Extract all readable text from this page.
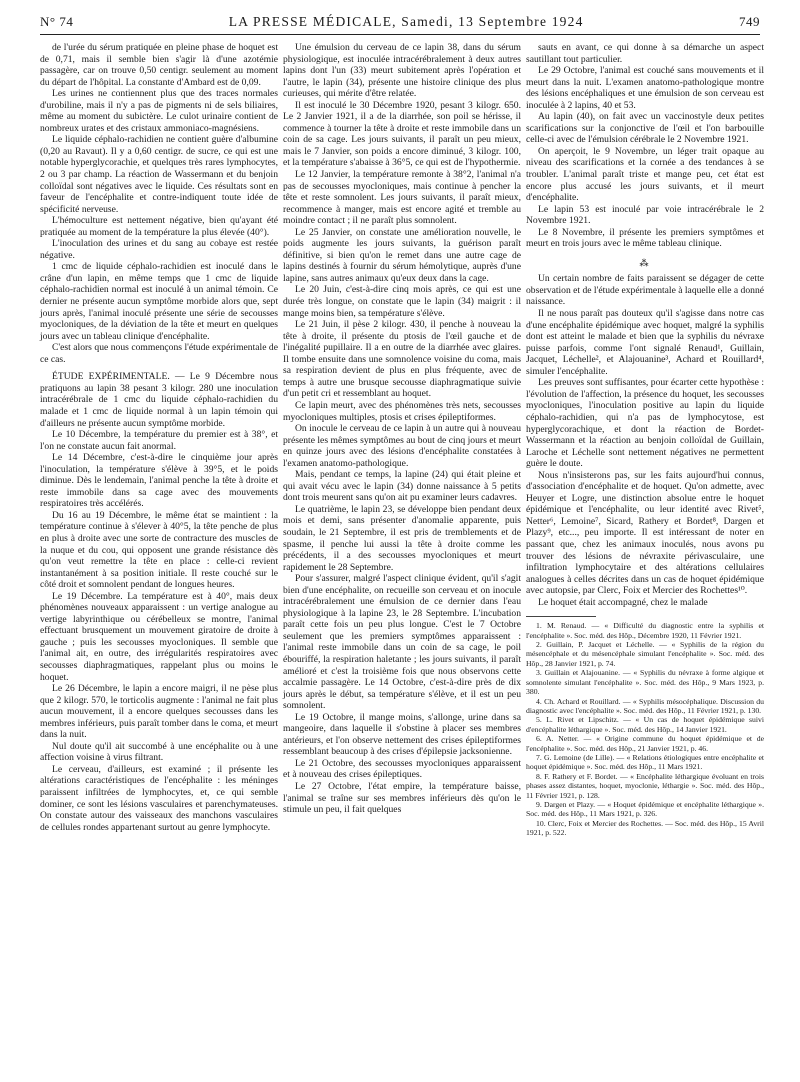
N° 74	LA PRESSE MÉDICALE, Samedi, 13 Septembre 1924	749

de l'urée du sérum pratiquée en pleine phase de hoquet est de 0,71, mais il semble bien s'agir là d'une azotémie passagère, car on trouve 0,50 centigr. seulement au moment du départ de l'hôpital. La constante d'Ambard est de 0,09.

Les urines ne contiennent plus que des traces normales d'urobiline, mais il n'y a pas de pigments ni de sels biliaires, même au moment du subictère. Le culot urinaire contient de nombreux urates et des cristaux ammoniaco-magnésiens.

Le liquide céphalo-rachidien ne contient guère d'albumine (0,20 au Ravaut). Il y a 0,60 centigr. de sucre, ce qui est une notable hyperglycorachie, et quelques très rares lymphocytes, 2 ou 3 par champ. La réaction de Wassermann et du benjoin colloïdal sont négatives avec le liquide. Ces résultats sont en faveur de l'encéphalite et contre-indiquent toute idée de spécificité nerveuse.

L'hémoculture est nettement négative, bien qu'ayant été pratiquée au moment de la température la plus élevée (40°).

L'inoculation des urines et du sang au cobaye est restée négative.

1 cmc de liquide céphalo-rachidien est inoculé dans le crâne d'un lapin, en même temps que 1 cmc de liquide céphalo-rachidien normal est inoculé à un animal témoin. Ce dernier ne présente aucun symptôme morbide alors que, sept jours après, l'animal inoculé présente une série de secousses myocloniques, de la déviation de la tête et meurt en quelques jours avec un tableau clinique d'encéphalite.

C'est alors que nous commençons l'étude expérimentale de ce cas.

ÉTUDE EXPÉRIMENTALE. — Le 9 Décembre nous pratiquons au lapin 38 pesant 3 kilogr. 280 une inoculation intracérébrale de 1 cmc du liquide céphalo-rachidien du malade et 1 cmc de liquide normal à un lapin témoin qui d'ailleurs ne présente aucun symptôme morbide.

Le 10 Décembre, la température du premier est à 38°, et l'on ne constate aucun fait anormal.

Le 14 Décembre, c'est-à-dire le cinquième jour après l'inoculation, la température s'élève à 39°5, et le poids diminue. Dès le lendemain, l'animal penche la tête à droite et reste immobile dans sa cage avec des mouvements respiratoires très accélérés.

Du 16 au 19 Décembre, le même état se maintient : la température continue à s'élever à 40°5, la tête penche de plus en plus à droite avec une sorte de contracture des muscles de la nuque et du cou, qui opposent une grande résistance dès qu'on veut remettre la tête en place : celle-ci revient instantanément à sa position initiale. Il reste couché sur le côté droit et somnolent pendant de longues heures.

Le 19 Décembre. La température est à 40°, mais deux phénomènes nouveaux apparaissent : un vertige analogue au vertige labyrinthique ou cérébelleux se montre, l'animal effectuant brusquement un mouvement giratoire de droite à gauche ; puis les secousses myocloniques. Il semble que l'animal ait, en outre, des irrégularités respiratoires avec secousses diaphragmatiques, rappelant plus ou moins le hoquet.

Le 26 Décembre, le lapin a encore maigri, il ne pèse plus que 2 kilogr. 570, le torticolis augmente : l'animal ne fait plus aucun mouvement, il a encore quelques secousses dans les membres inférieurs, puis paraît tomber dans le coma, et meurt dans la nuit.

Nul doute qu'il ait succombé à une encéphalite ou à une affection voisine à virus filtrant.

Le cerveau, d'ailleurs, est examiné ; il présente les altérations caractéristiques de l'encéphalite : les méninges paraissent infiltrées de lymphocytes, et, ce qui semble dominer, ce sont les lésions vasculaires et parenchymateuses. On constate autour des vaisseaux des manchons vasculaires de cellules rondes appartenant surtout au genre lymphocyte.

Une émulsion du cerveau de ce lapin 38, dans du sérum physiologique, est inoculée intracérébralement à deux autres lapins dont l'un (33) meurt subitement après l'opération et l'autre, le lapin (34), présente une histoire clinique des plus curieuses, qui mérite d'être relatée.

Il est inoculé le 30 Décembre 1920, pesant 3 kilogr. 650. Le 2 Janvier 1921, il a de la diarrhée, son poil se hérisse, il commence à tourner la tête à droite et reste immobile dans un coin de sa cage. Les jours suivants, il paraît un peu mieux, mais le 7 Janvier, son poids a encore diminué, 3 kilogr. 100, et la température s'abaisse à 36°5, ce qui est de l'hypothermie.

Le 12 Janvier, la température remonte à 38°2, l'animal n'a pas de secousses myocloniques, mais continue à pencher la tête et reste somnolent. Les jours suivants, il paraît mieux, recommence à manger, mais est encore agité et tremble au moindre contact ; il ne paraît plus somnolent.

Le 25 Janvier, on constate une amélioration nouvelle, le poids augmente les jours suivants, la guérison paraît définitive, si bien qu'on le remet dans une autre cage de lapins destinés à fournir du sérum hémolytique, auprès d'une lapine, sans autres animaux qu'eux deux dans la cage.

Le 20 Juin, c'est-à-dire cinq mois après, ce qui est une durée très longue, on constate que le lapin (34) maigrit : il mange moins bien, sa température s'élève.

Le 21 Juin, il pèse 2 kilogr. 430, il penche à nouveau la tête à droite, il présente du ptosis de l'œil gauche et de l'inégalité pupillaire. Il a en outre de la diarrhée avec glaires. Il tombe ensuite dans une somnolence voisine du coma, mais sa respiration devient de plus en plus fréquente, avec de temps à autre une brusque secousse diaphragmatique suivie d'un petit cri et ressemblant au hoquet.

Ce lapin meurt, avec des phénomènes très nets, secousses myocloniques multiples, ptosis et crises épileptiformes.

On inocule le cerveau de ce lapin à un autre qui à nouveau présente les mêmes symptômes au bout de cinq jours et meurt en quinze jours avec des lésions d'encéphalite constatées à l'examen anatomo-pathologique.

Mais, pendant ce temps, la lapine (24) qui était pleine et qui avait vécu avec le lapin (34) donne naissance à 5 petits dont trois meurent sans qu'on ait pu examiner leurs cadavres.

Le quatrième, le lapin 23, se développe bien pendant deux mois et demi, sans présenter d'anomalie apparente, puis soudain, le 21 Septembre, il est pris de tremblements et de spasme, il penche lui aussi la tête à droite comme les précédents, il a des secousses myocloniques et meurt rapidement le 28 Septembre.

Pour s'assurer, malgré l'aspect clinique évident, qu'il s'agit bien d'une encéphalite, on recueille son cerveau et on inocule intracérébralement une émulsion de ce dernier dans l'eau physiologique à la lapine 23, le 28 Septembre. L'incubation paraît cette fois un peu plus longue. C'est le 7 Octobre seulement que les premiers symptômes apparaissent : l'animal reste immobile dans un coin de sa cage, le poil ébouriffé, la respiration haletante ; les jours suivants, il paraît amélioré et c'est la troisième fois que nous observons cette accalmie passagère. Le 14 Octobre, c'est-à-dire près de dix jours après le début, sa température s'élève, et il est un peu somnolent.

Le 19 Octobre, il mange moins, s'allonge, urine dans sa mangeoire, dans laquelle il s'obstine à placer ses membres antérieurs, et l'on observe nettement des crises épileptiformes ressemblant beaucoup à des crises d'épilepsie jacksonienne.

Le 21 Octobre, des secousses myocloniques apparaissent et à nouveau des crises épileptiques.

Le 27 Octobre, l'état empire, la température baisse, l'animal se traîne sur ses membres inférieurs dès qu'on le stimule un peu, il fait quelques

sauts en avant, ce qui donne à sa démarche un aspect sautillant tout particulier.

Le 29 Octobre, l'animal est couché sans mouvements et il meurt dans la nuit. L'examen anatomo-pathologique montre des lésions encéphaliques et une émulsion de son cerveau est inoculée à 2 lapins, 40 et 53.

Au lapin (40), on fait avec un vaccinostyle deux petites scarifications sur la conjonctive de l'œil et l'on barbouille celle-ci avec de l'émulsion cérébrale le 2 Novembre 1921.

On aperçoit, le 9 Novembre, un léger trait opaque au niveau des scarifications et la cornée a des tendances à se troubler. L'animal paraît triste et mange peu, cet état est encore plus accusé les jours suivants, et il meurt d'encéphalite.

Le lapin 53 est inoculé par voie intracérébrale le 2 Novembre 1921.

Le 8 Novembre, il présente les premiers symptômes et meurt en trois jours avec le même tableau clinique.

⁂

Un certain nombre de faits paraissent se dégager de cette observation et de l'étude expérimentale à laquelle elle a donné naissance.

Il ne nous paraît pas douteux qu'il s'agisse dans notre cas d'une encéphalite épidémique avec hoquet, malgré la syphilis dont est atteint le malade et bien que la syphilis du névraxe puisse parfois, comme l'ont signalé Renaud¹, Guillain, Jacquet, Léchelle², et Alajouanine³, Achard et Rouillard⁴, simuler l'encéphalite.

Les preuves sont suffisantes, pour écarter cette hypothèse : l'évolution de l'affection, la présence du hoquet, les secousses myocloniques, l'inoculation positive au lapin du liquide céphalo-rachidien, qui n'a pas de lymphocytose, est hyperglycorachique, et dont la réaction de Bordet-Wassermann et la réaction au benjoin colloïdal de Guillain, Laroche et Léchelle sont nettement négatives ne permettent guère le doute.

Nous n'insisterons pas, sur les faits aujourd'hui connus, d'association d'encéphalite et de hoquet. Qu'on admette, avec Heuyer et Logre, une distinction absolue entre le hoquet épidémique et l'encéphalite, ou leur identité avec Rivet⁵, Netter⁶, Lemoine⁷, Sicard, Rathery et Bordet⁸, Dargen et Plazy⁹, etc..., peu importe. Il est intéressant de noter en passant que, chez les animaux inoculés, nous avons pu trouver des lésions de névraxite périvasculaire, une infiltration lymphocytaire et des altérations cellulaires analogues à celles décrites dans un cas de hoquet épidémique avec autopsie, par Clerc, Foix et Mercier des Rochettes¹⁰.

Le hoquet était accompagné, chez le malade

1. M. Renaud. — « Difficulté du diagnostic entre la syphilis et l'encéphalite ». Soc. méd. des Hôp., Décembre 1920, 11 Février 1921.

2. Guillain, P. Jacquet et Léchelle. — « Syphilis de la région du mésencéphale et du mésencéphale simulant l'encéphalite ». Soc. méd. des Hôp., 28 Janvier 1921, p. 74.

3. Guillain et Alajouanine. — « Syphilis du névraxe à forme algique et somnolente simulant l'encéphalite ». Soc. méd. des Hôp., 9 Mars 1923, p. 380.

4. Ch. Achard et Rouillard. — « Syphilis mésocéphalique. Discussion du diagnostic avec l'encéphalite ». Soc. méd. des Hôp., 11 Février 1921, p. 130.

5. L. Rivet et Lipschitz. — « Un cas de hoquet épidémique suivi d'encéphalite léthargique ». Soc. méd. des Hôp., 14 Janvier 1921.

6. A. Netter. — « Origine commune du hoquet épidémique et de l'encéphalite ». Soc. méd. des Hôp., 21 Janvier 1921, p. 46.

7. G. Lemoine (de Lille). — « Relations étiologiques entre encéphalite et hoquet épidémique ». Soc. méd. des Hôp., 11 Mars 1921.

8. F. Rathery et F. Bordet. — « Encéphalite léthargique évoluant en trois phases assez distantes, hoquet, myoclonie, léthargie ». Soc. méd. des Hôp., 11 Février 1921, p. 128.

9. Dargen et Plazy. — « Hoquet épidémique et encéphalite léthargique ». Soc. méd. des Hôp., 11 Mars 1921, p. 326.

10. Clerc, Foix et Mercier des Rochettes. — Soc. méd. des Hôp., 15 Avril 1921, p. 522.
